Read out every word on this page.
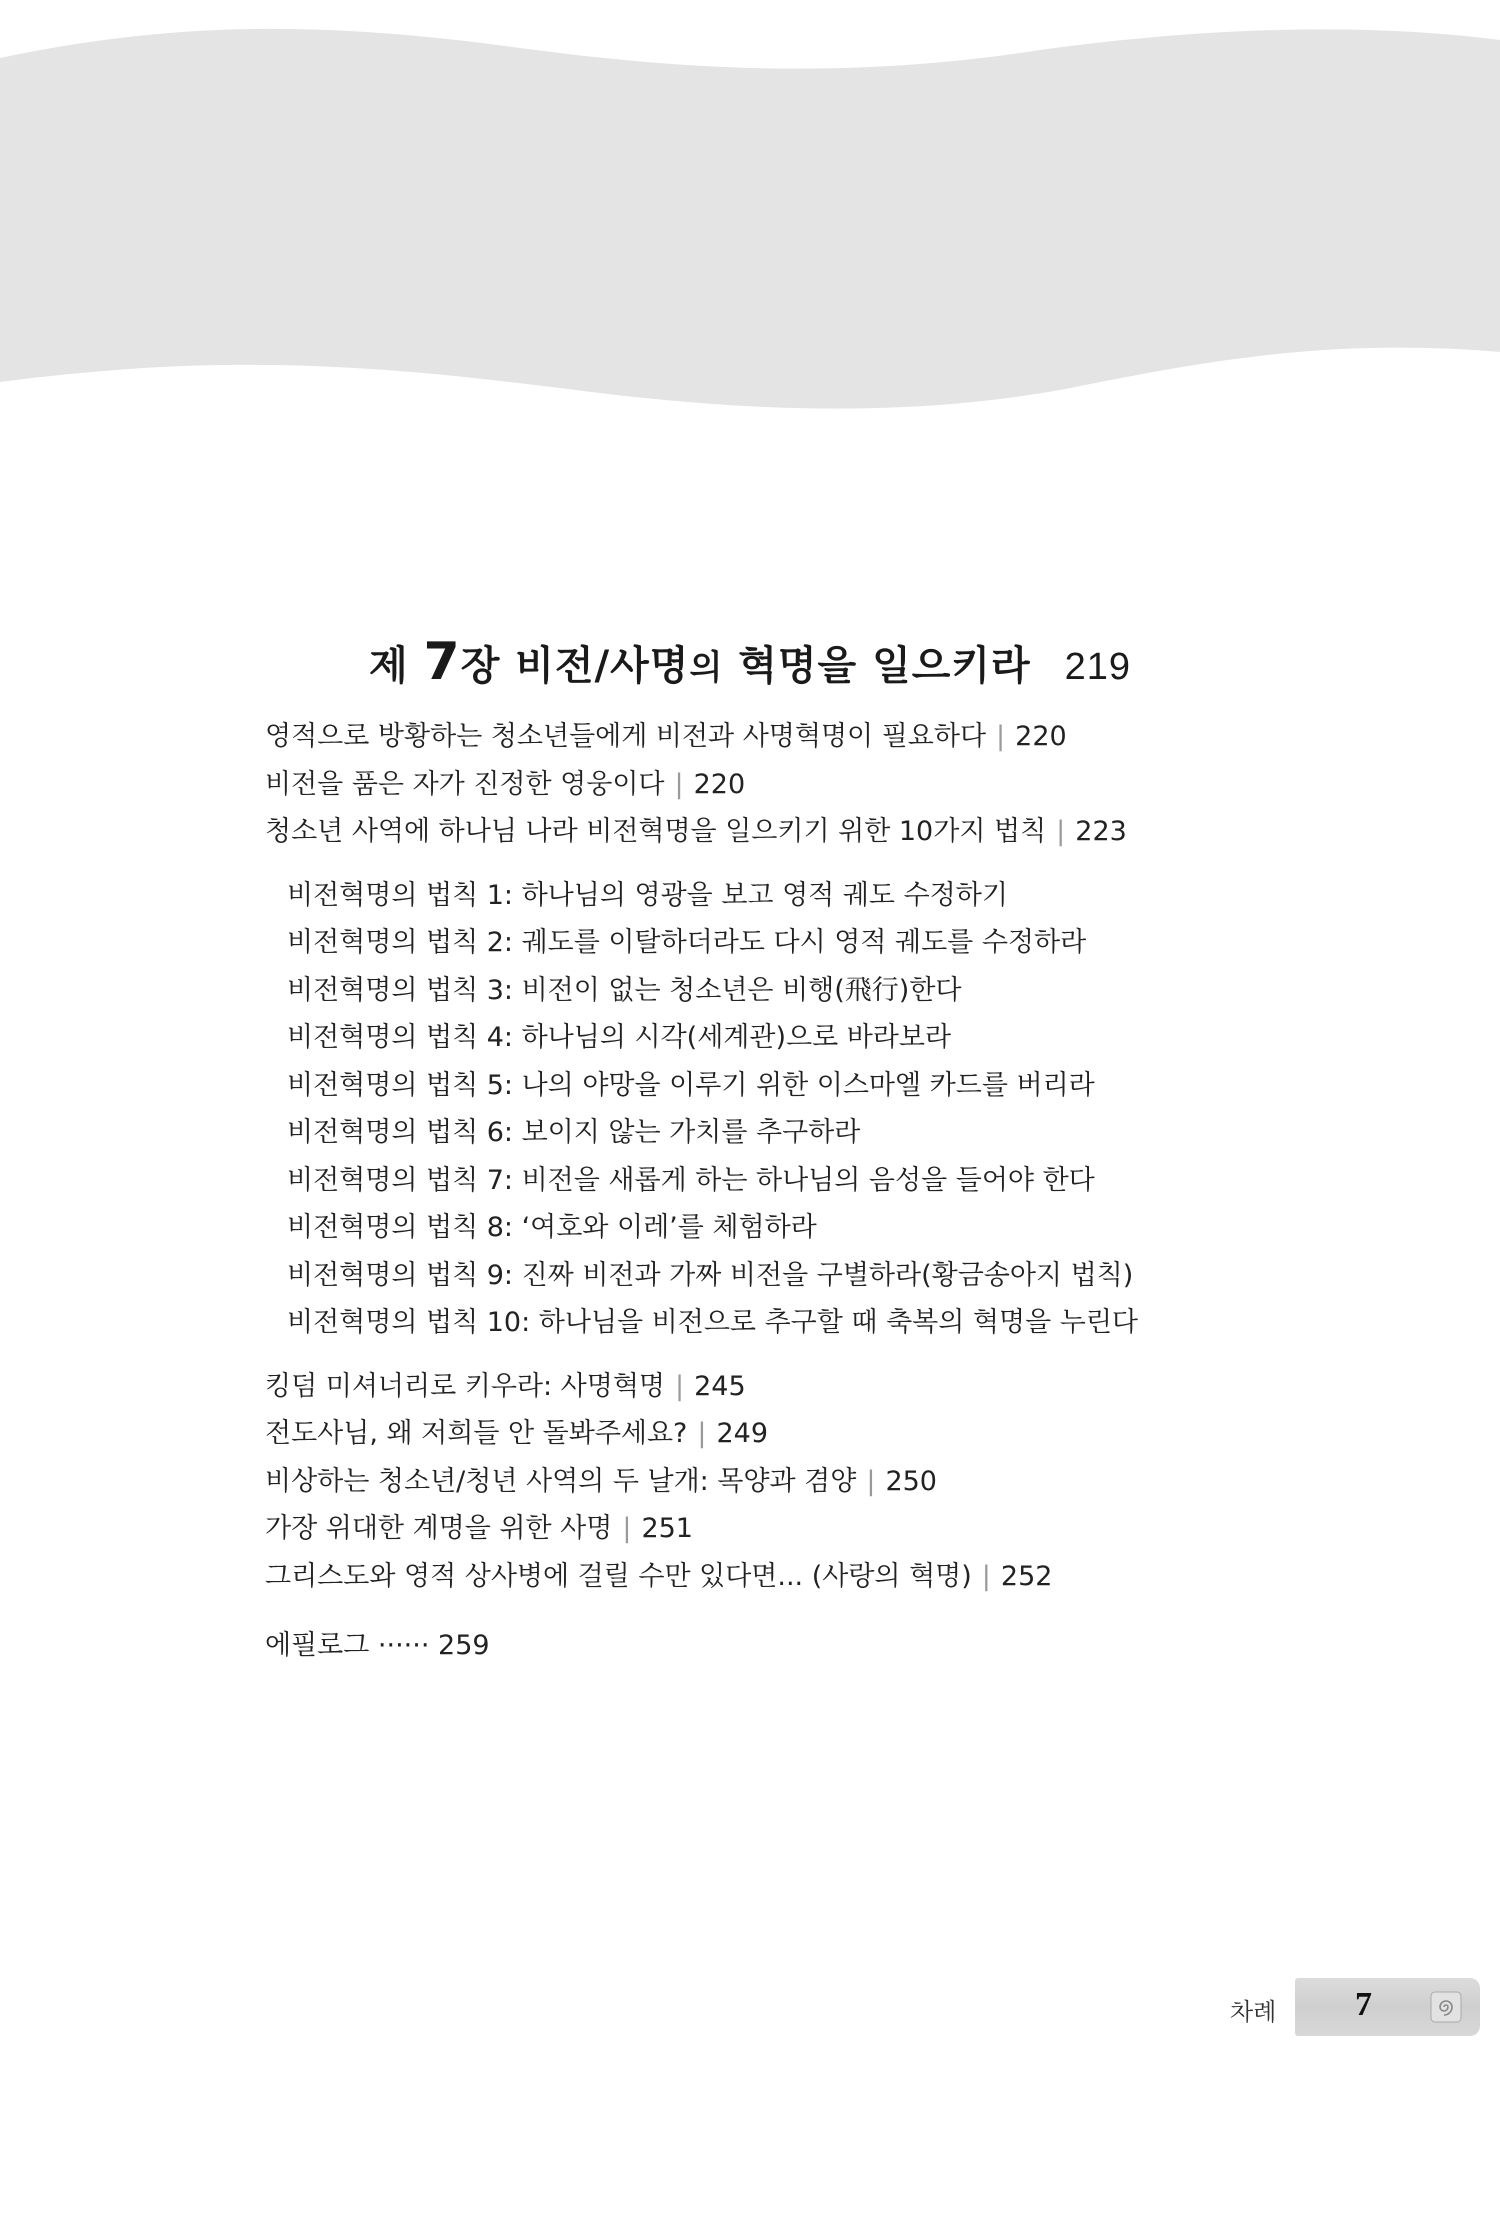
제 7장 비전/사명의 혁명을 일으키라 219
영적으로 방황하는 청소년들에게 비전과 사명혁명이 필요하다 | 220
비전을 품은 자가 진정한 영웅이다 | 220
청소년 사역에 하나님 나라 비전혁명을 일으키기 위한 10가지 법칙 | 223
비전혁명의 법칙 1: 하나님의 영광을 보고 영적 궤도 수정하기
비전혁명의 법칙 2: 궤도를 이탈하더라도 다시 영적 궤도를 수정하라
비전혁명의 법칙 3: 비전이 없는 청소년은 비행(飛行)한다
비전혁명의 법칙 4: 하나님의 시각(세계관)으로 바라보라
비전혁명의 법칙 5: 나의 야망을 이루기 위한 이스마엘 카드를 버리라
비전혁명의 법칙 6: 보이지 않는 가치를 추구하라
비전혁명의 법칙 7: 비전을 새롭게 하는 하나님의 음성을 들어야 한다
비전혁명의 법칙 8: ‘여호와 이레’를 체험하라
비전혁명의 법칙 9: 진짜 비전과 가짜 비전을 구별하라(황금송아지 법칙)
비전혁명의 법칙 10: 하나님을 비전으로 추구할 때 축복의 혁명을 누린다
킹덤 미셔너리로 키우라: 사명혁명 | 245
전도사님, 왜 저희들 안 돌봐주세요? | 249
비상하는 청소년/청년 사역의 두 날개: 목양과 겸양 | 250
가장 위대한 계명을 위한 사명 | 251
그리스도와 영적 상사병에 걸릴 수만 있다면... (사랑의 혁명) | 252
에필로그 ······ 259
차례 7
